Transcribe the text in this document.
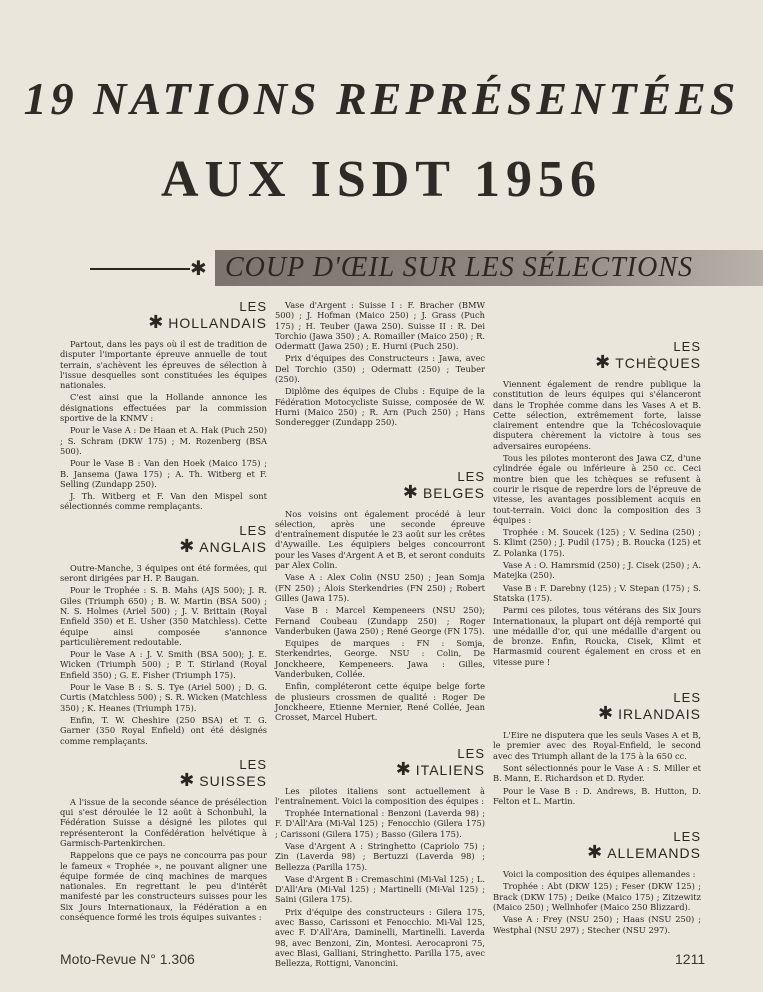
19 NATIONS REPRÉSENTÉES
AUX ISDT 1956
✱ COUP D'ŒIL SUR LES SÉLECTIONS
LES
✱ HOLLANDAIS

Partout, dans les pays où il est de tradition de disputer l'importante épreuve annuelle de tout terrain, s'achèvent les épreuves de sélection à l'issue desquelles sont constituées les équipes nationales.

C'est ainsi que la Hollande annonce les désignations effectuées par la commission sportive de la KNMV :

Pour le Vase A : De Haan et A. Hak (Puch 250) ; S. Schram (DKW 175) ; M. Rozenberg (BSA 500).

Pour le Vase B : Van den Hoek (Maico 175) ; B. Jansema (Jawa 175) ; A. Th. Witberg et F. Selling (Zundapp 250).

J. Th. Witberg et F. Van den Mispel sont sélectionnés comme remplaçants.

LES
✱ ANGLAIS

Outre-Manche, 3 équipes ont été formées, qui seront dirigées par H. P. Baugan.

Pour le Trophée : S. B. Mahs (AJS 500); J. R. Giles (Triumph 650) ; B. W. Martin (BSA 500) ; N. S. Holmes (Ariel 500) ; J. V. Brittain (Royal Enfield 350) et E. Usher (350 Matchless). Cette équipe ainsi composée s'annonce particulièrement redoutable.

Pour le Vase A : J. V. Smith (BSA 500); J. E. Wicken (Triumph 500) ; P. T. Stirland (Royal Enfield 350) ; G. E. Fisher (Triumph 175).

Pour le Vase B : S. S. Tye (Ariel 500) ; D. G. Curtis (Matchless 500) ; S. R. Wicken (Matchless 350) ; K. Heanes (Triumph 175).

Enfin, T. W. Cheshire (250 BSA) et T. G. Garner (350 Royal Enfield) ont été désignés comme remplaçants.

LES
✱ SUISSES

A l'issue de la seconde séance de présélection qui s'est déroulée le 12 août à Schonbuhl, la Fédération Suisse a désigné les pilotes qui représenteront la Confédération helvétique à Garmisch-Partenkirchen.

Rappelons que ce pays ne concourra pas pour le fameux « Trophée », ne pouvant aligner une équipe formée de cinq machines de marques nationales. En regrettant le peu d'intérêt manifesté par les constructeurs suisses pour les Six Jours Internationaux, la Fédération a en conséquence formé les trois équipes suivantes :

Vase d'Argent : Suisse I : F. Bracher (BMW 500) ; J. Hofman (Maico 250) ; J. Grass (Puch 175) ; H. Teuber (Jawa 250). Suisse II : R. Dei Torchio (Jawa 350) ; A. Romailler (Maico 250) ; R. Odermatt (Jawa 250) ; E. Hurni (Puch 250).

Prix d'équipes des Constructeurs : Jawa, avec Del Torchio (350) ; Odermatt (250) ; Teuber (250).

Diplôme des équipes de Clubs : Equipe de la Fédération Motocycliste Suisse, composée de W. Hurni (Maico 250) ; R. Arn (Puch 250) ; Hans Sonderegger (Zundapp 250).

LES
✱ BELGES

Nos voisins ont également procédé à leur sélection, après une seconde épreuve d'entraînement disputée le 23 août sur les crêtes d'Aywaille. Les équipiers belges concourront pour les Vases d'Argent A et B, et seront conduits par Alex Colin.

Vase A : Alex Colin (NSU 250) ; Jean Somja (FN 250) ; Alois Sterkendries (FN 250) ; Robert Gilles (Jawa 175).

Vase B : Marcel Kempeneers (NSU 250); Fernand Coubeau (Zundapp 250) ; Roger Vanderbuken (Jawa 250) ; René George (FN 175).

Equipes de marques : FN : Somja, Sterkendries, George. NSU : Colin, De Jonckheere, Kempeneers. Jawa : Gilles, Vanderbuken, Collée.

Enfin, compléteront cette équipe belge forte de plusieurs crossmen de qualité : Roger De Jonckheere, Etienne Mernier, René Collée, Jean Crosset, Marcel Hubert.

LES
✱ ITALIENS

Les pilotes italiens sont actuellement à l'entraînement. Voici la composition des équipes :

Trophée International : Benzoni (Laverda 98) ; F. D'All'Ara (Mi-Val 125) ; Fenocchio (Gilera 175) ; Carissoni (Gilera 175) ; Basso (Gilera 175).

Vase d'Argent A : Stringhetto (Capriolo 75) ; Zin (Laverda 98) ; Bertuzzi (Laverda 98) ; Bellezza (Parilla 175).

Vase d'Argent B : Cremaschini (Mi-Val 125) ; L. D'All'Ara (Mi-Val 125) ; Martinelli (Mi-Val 125) ; Saini (Gilera 175).

Prix d'équipe des constructeurs : Gilera 175, avec Basso, Carissoni et Fenocchio. Mi-Val 125, avec F. D'All'Ara, Daminelli, Martinelli. Laverda 98, avec Benzoni, Zin, Montesi. Aerocaproni 75, avec Blasi, Galliani, Stringhetto. Parilla 175, avec Bellezza, Rottigni, Vanoncini.

LES
✱ TCHÈQUES

Viennent également de rendre publique la constitution de leurs équipes qui s'élanceront dans le Trophée comme dans les Vases A et B. Cette sélection, extrêmement forte, laisse clairement entendre que la Tchécoslovaquie disputera chèrement la victoire à tous ses adversaires européens.

Tous les pilotes monteront des Jawa CZ, d'une cylindrée égale ou inférieure à 250 cc. Ceci montre bien que les tchèques se refusent à courir le risque de reperdre lors de l'épreuve de vitesse, les avantages possiblement acquis en tout-terrain. Voici donc la composition des 3 équipes :

Trophée : M. Soucek (125) ; V. Sedina (250) ; S. Klimt (250) ; J. Pudil (175) ; B. Roucka (125) et Z. Polanka (175).

Vase A : O. Hamrsmid (250) ; J. Cisek (250) ; A. Matejka (250).

Vase B : F. Darebny (125) ; V. Stepan (175) ; S. Statska (175).

Parmi ces pilotes, tous vétérans des Six Jours Internationaux, la plupart ont déjà remporté qui une médaille d'or, qui une médaille d'argent ou de bronze. Enfin, Roucka, Cisek, Klimt et Harmasmid courent également en cross et en vitesse pure !

LES
✱ IRLANDAIS

L'Eire ne disputera que les seuls Vases A et B, le premier avec des Royal-Enfield, le second avec des Triumph allant de la 175 à la 650 cc.

Sont sélectionnés pour le Vase A : S. Miller et B. Mann, E. Richardson et D. Ryder.

Pour le Vase B : D. Andrews, B. Hutton, D. Felton et L. Martin.

LES
✱ ALLEMANDS

Voici la composition des équipes allemandes :

Trophée : Abt (DKW 125) ; Feser (DKW 125) ; Brack (DKW 175) ; Deike (Maico 175) ; Zitzewitz (Maico 250) ; Wellnhofer (Maico 250 Blizzard).

Vase A : Frey (NSU 250) ; Haas (NSU 250) ; Westphal (NSU 297) ; Stecher (NSU 297).

Moto-Revue N° 1.306	1211
